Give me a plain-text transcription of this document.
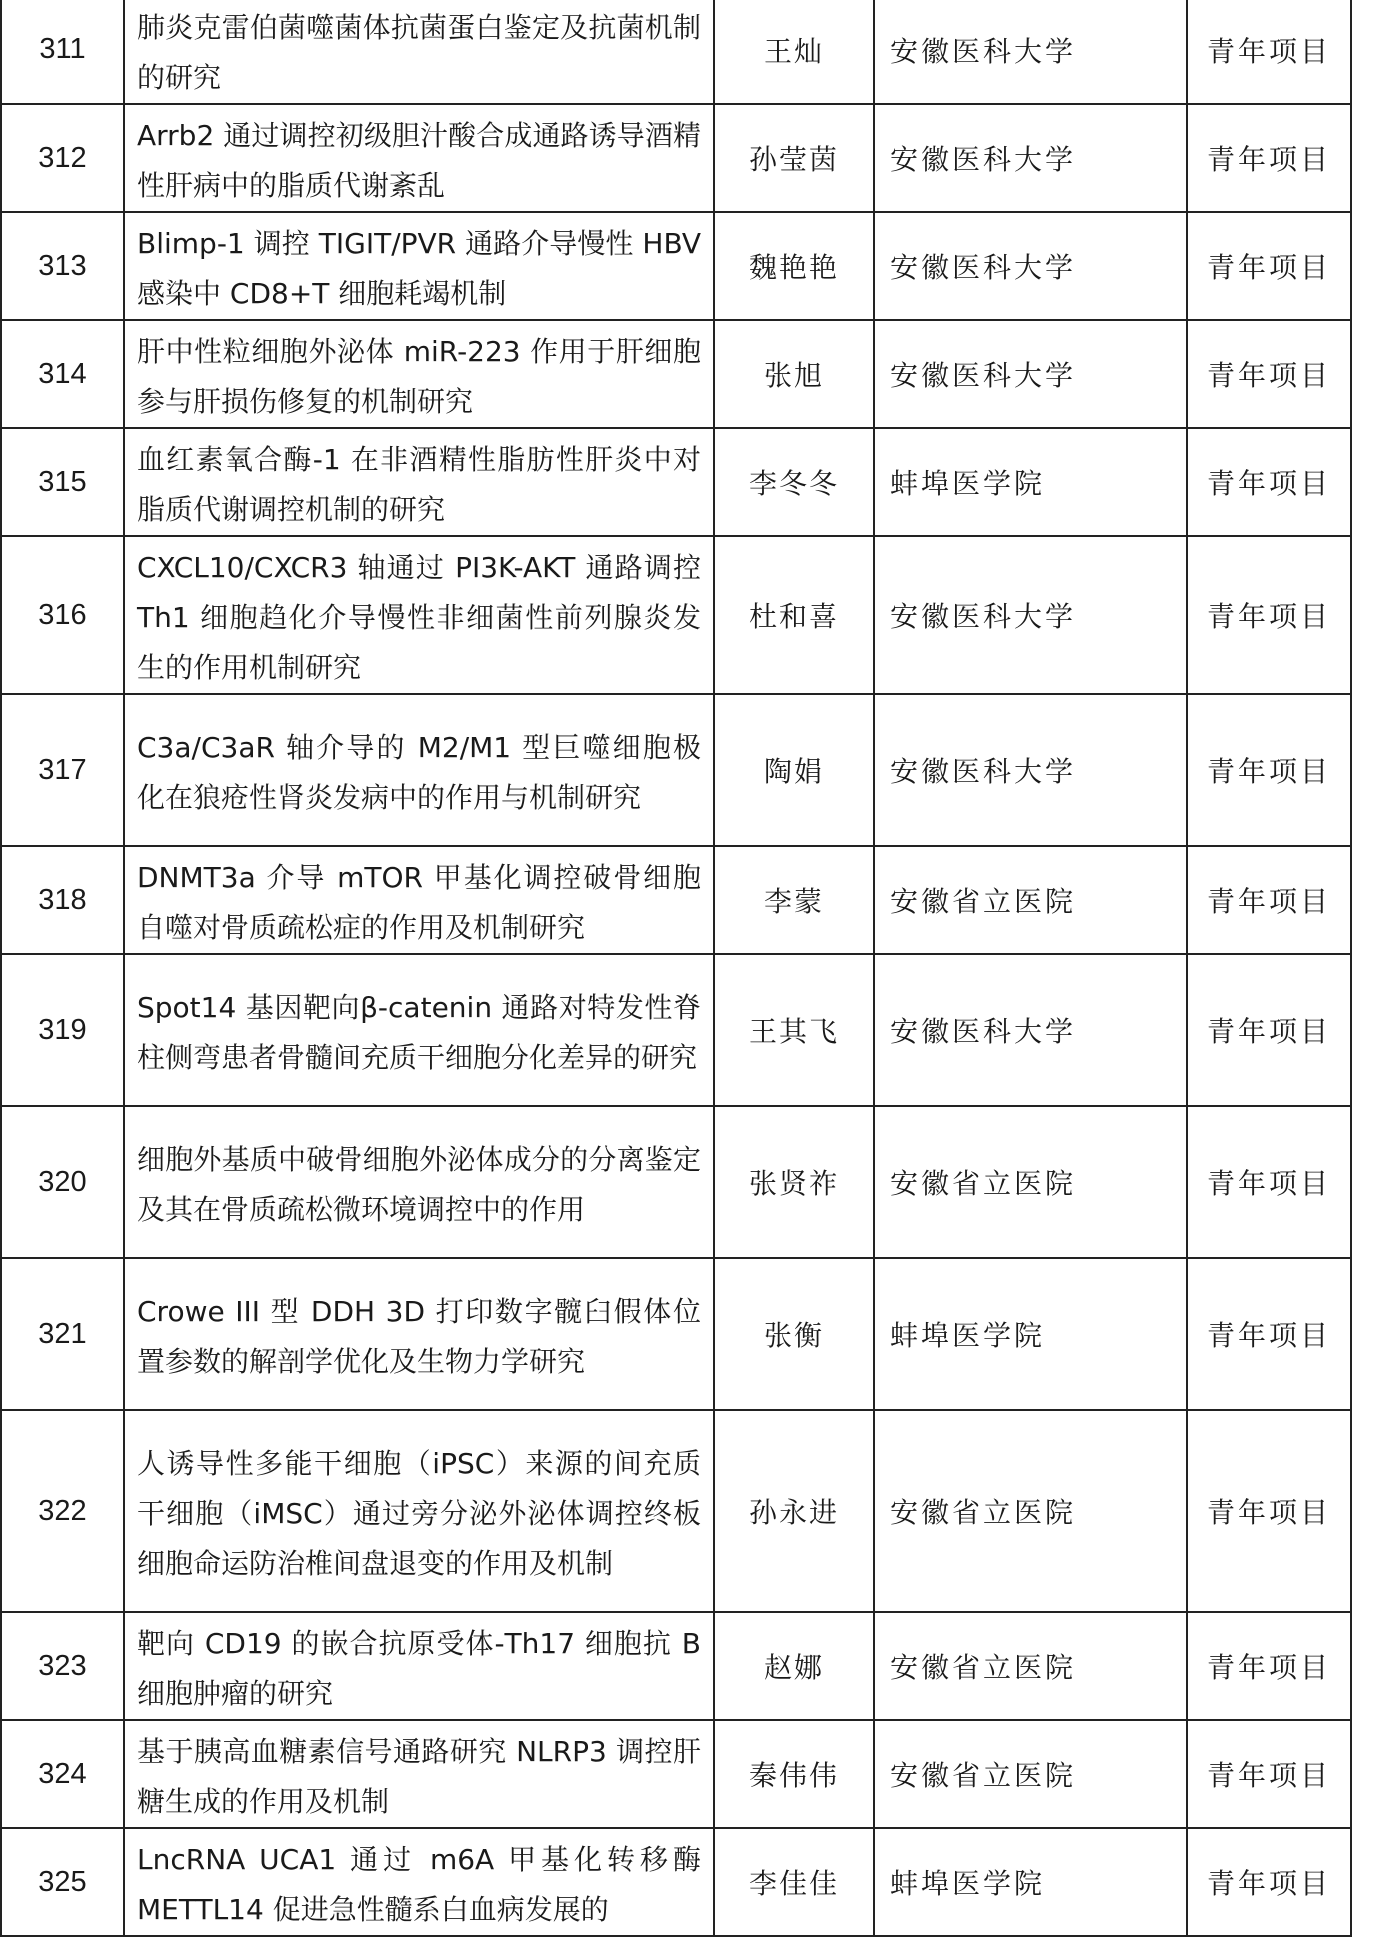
311	肺炎克雷伯菌噬菌体抗菌蛋白鉴定及抗菌机制的研究	王灿	安徽医科大学	青年项目
312	Arrb2 通过调控初级胆汁酸合成通路诱导酒精性肝病中的脂质代谢紊乱	孙莹茵	安徽医科大学	青年项目
313	Blimp-1 调控 TIGIT/PVR 通路介导慢性 HBV 感染中 CD8+T 细胞耗竭机制	魏艳艳	安徽医科大学	青年项目
314	肝中性粒细胞外泌体 miR-223 作用于肝细胞参与肝损伤修复的机制研究	张旭	安徽医科大学	青年项目
315	血红素氧合酶-1 在非酒精性脂肪性肝炎中对脂质代谢调控机制的研究	李冬冬	蚌埠医学院	青年项目
316	CXCL10/CXCR3 轴通过 PI3K-AKT 通路调控 Th1 细胞趋化介导慢性非细菌性前列腺炎发生的作用机制研究	杜和喜	安徽医科大学	青年项目
317	C3a/C3aR 轴介导的 M2/M1 型巨噬细胞极化在狼疮性肾炎发病中的作用与机制研究	陶娟	安徽医科大学	青年项目
318	DNMT3a 介导 mTOR 甲基化调控破骨细胞自噬对骨质疏松症的作用及机制研究	李蒙	安徽省立医院	青年项目
319	Spot14 基因靶向β-catenin 通路对特发性脊柱侧弯患者骨髓间充质干细胞分化差异的研究	王其飞	安徽医科大学	青年项目
320	细胞外基质中破骨细胞外泌体成分的分离鉴定及其在骨质疏松微环境调控中的作用	张贤祚	安徽省立医院	青年项目
321	Crowe III 型 DDH 3D 打印数字髋臼假体位置参数的解剖学优化及生物力学研究	张衡	蚌埠医学院	青年项目
322	人诱导性多能干细胞（iPSC）来源的间充质干细胞（iMSC）通过旁分泌外泌体调控终板细胞命运防治椎间盘退变的作用及机制	孙永进	安徽省立医院	青年项目
323	靶向 CD19 的嵌合抗原受体-Th17 细胞抗 B 细胞肿瘤的研究	赵娜	安徽省立医院	青年项目
324	基于胰高血糖素信号通路研究 NLRP3 调控肝糖生成的作用及机制	秦伟伟	安徽省立医院	青年项目
325	LncRNA UCA1 通过 m6A 甲基化转移酶 METTL14 促进急性髓系白血病发展的	李佳佳	蚌埠医学院	青年项目
